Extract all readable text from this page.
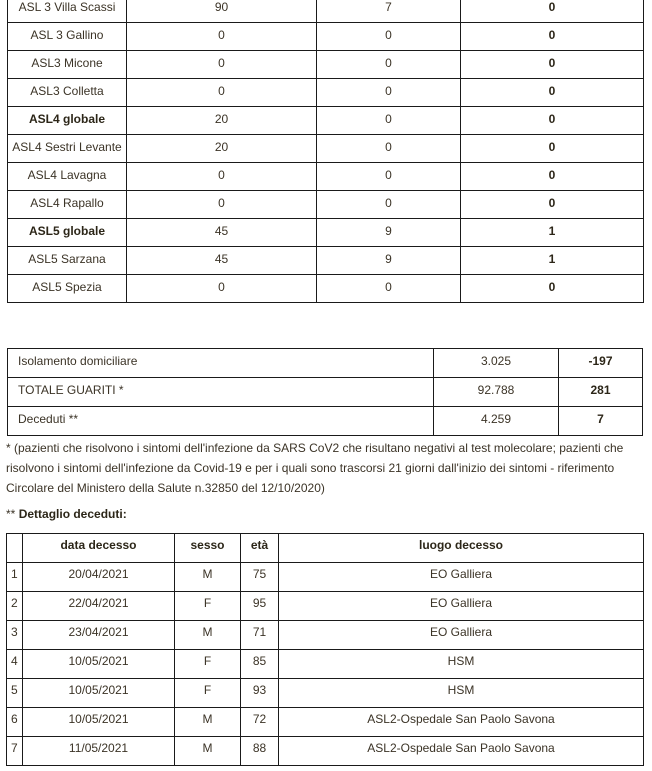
ASL 3 Villa Scassi	90	7	0
ASL 3 Gallino	0	0	0
ASL3 Micone	0	0	0
ASL3 Colletta	0	0	0
ASL4 globale	20	0	0
ASL4 Sestri Levante	20	0	0
ASL4 Lavagna	0	0	0
ASL4 Rapallo	0	0	0
ASL5 globale	45	9	1
ASL5 Sarzana	45	9	1
ASL5 Spezia	0	0	0
Isolamento domiciliare	3.025	-197
TOTALE GUARITI *	92.788	281
Deceduti **	4.259	7
* (pazienti che risolvono i sintomi dell'infezione da SARS CoV2 che risultano negativi al test molecolare; pazienti che risolvono i sintomi dell'infezione da Covid-19 e per i quali sono trascorsi 21 giorni dall'inizio dei sintomi - riferimento Circolare del Ministero della Salute n.32850 del 12/10/2020)
** Dettaglio deceduti:
	data decesso	sesso	età	luogo decesso
1	20/04/2021	M	75	EO Galliera
2	22/04/2021	F	95	EO Galliera
3	23/04/2021	M	71	EO Galliera
4	10/05/2021	F	85	HSM
5	10/05/2021	F	93	HSM
6	10/05/2021	M	72	ASL2-Ospedale San Paolo Savona
7	11/05/2021	M	88	ASL2-Ospedale San Paolo Savona
